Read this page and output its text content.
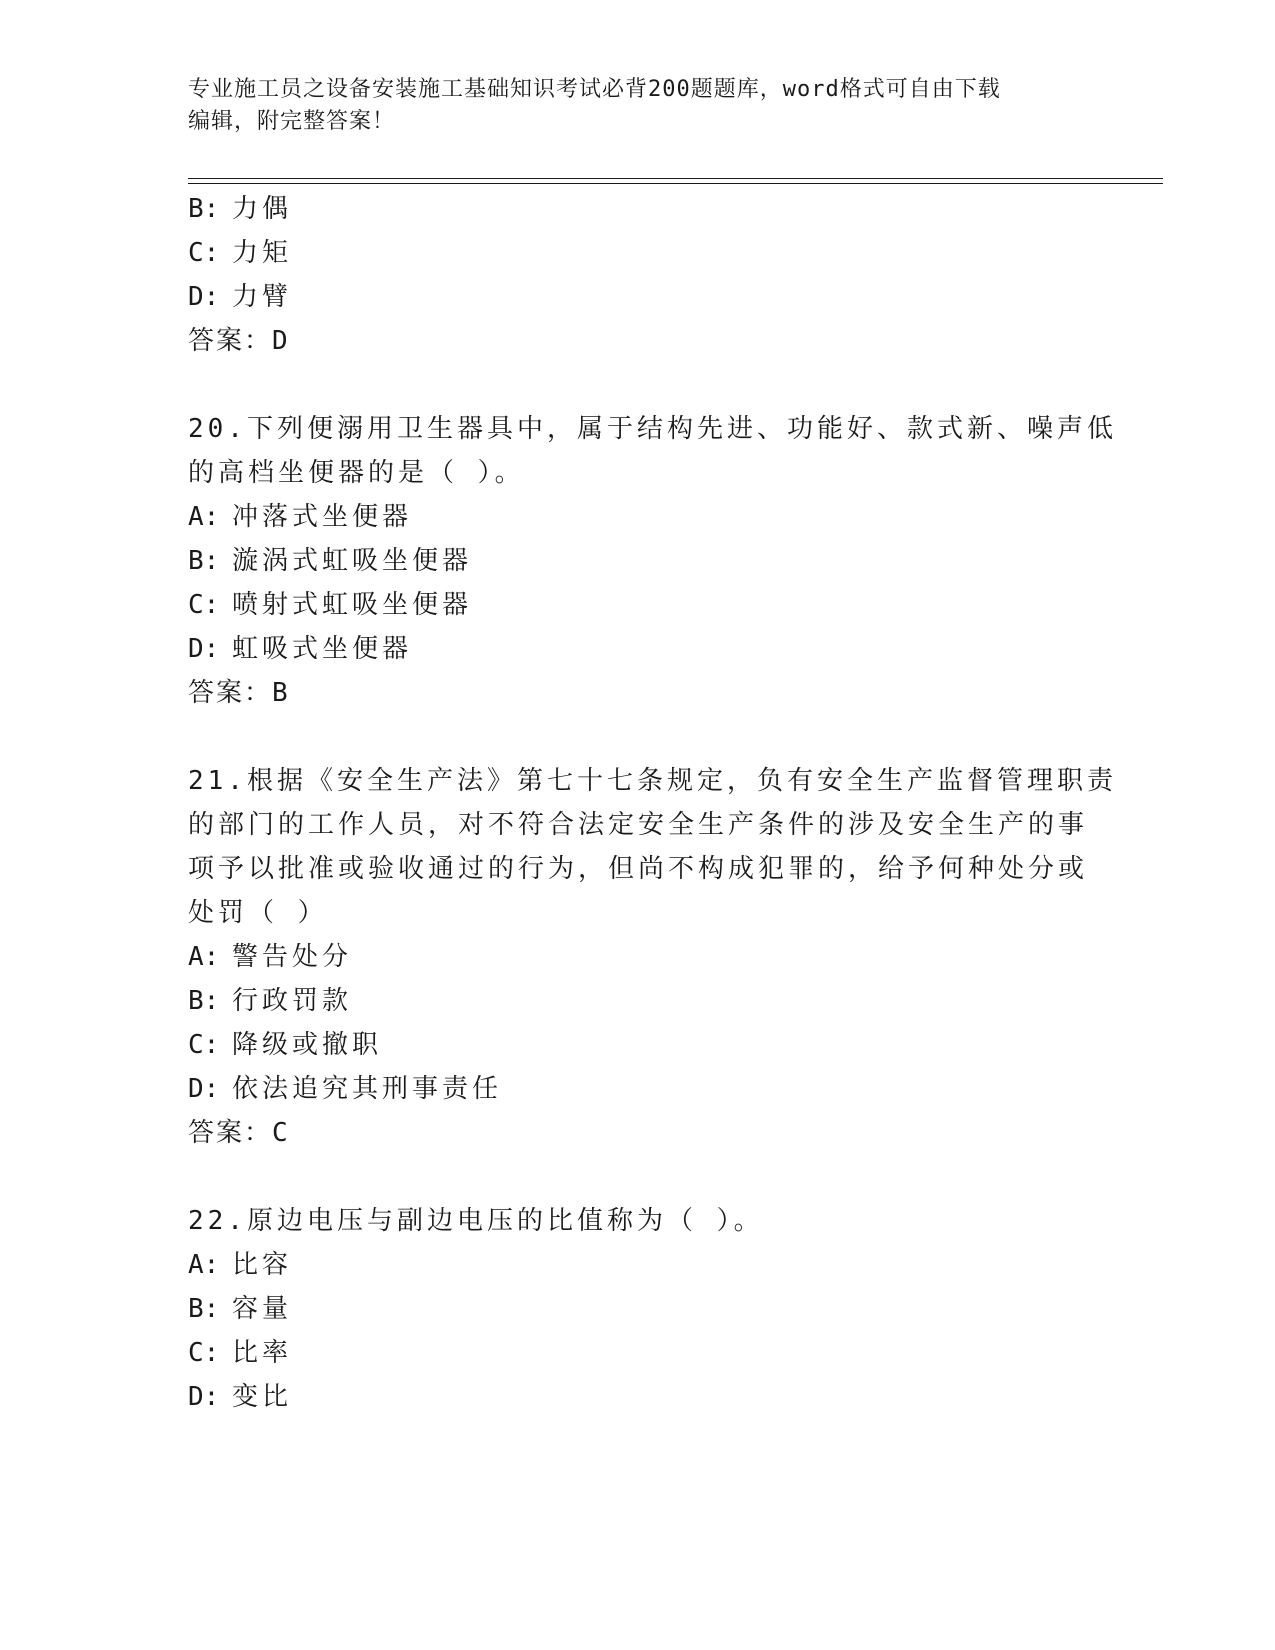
专业施工员之设备安装施工基础知识考试必背200题题库，word格式可自由下载
编辑，附完整答案！
B: 力偶
C: 力矩
D: 力臂
答案：D
20.下列便溺用卫生器具中，属于结构先进、功能好、款式新、噪声低
的高档坐便器的是（ ）。
A: 冲落式坐便器
B: 漩涡式虹吸坐便器
C: 喷射式虹吸坐便器
D: 虹吸式坐便器
答案：B
21.根据《安全生产法》第七十七条规定，负有安全生产监督管理职责
的部门的工作人员，对不符合法定安全生产条件的涉及安全生产的事
项予以批准或验收通过的行为，但尚不构成犯罪的，给予何种处分或
处罚（ ）
A: 警告处分
B: 行政罚款
C: 降级或撤职
D: 依法追究其刑事责任
答案：C
22.原边电压与副边电压的比值称为（ ）。
A: 比容
B: 容量
C: 比率
D: 变比
